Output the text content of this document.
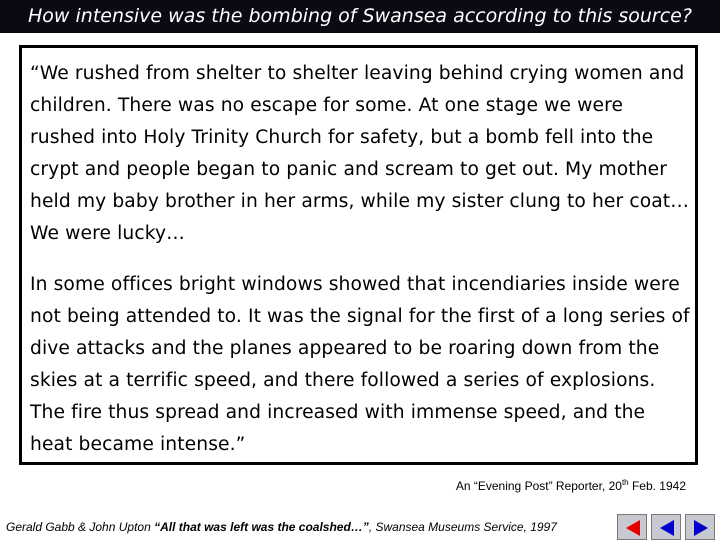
How intensive was the bombing of Swansea according to this source?
“We rushed from shelter to shelter leaving behind crying women and children. There was no escape for some. At one stage we were rushed into Holy Trinity Church for safety, but a bomb fell into the crypt and people began to panic and scream to get out. My mother held my baby brother in her arms, while my sister clung to her coat…We were lucky…
In some offices bright windows showed that incendiaries inside were not being attended to. It was the signal for the first of a long series of dive attacks and the planes appeared to be roaring down from the skies at a terrific speed, and there followed a series of explosions. The fire thus spread and increased with immense speed, and the heat became intense.”
An “Evening Post” Reporter, 20th Feb. 1942
Gerald Gabb & John Upton “All that was left was the coalshed…”, Swansea Museums Service, 1997
